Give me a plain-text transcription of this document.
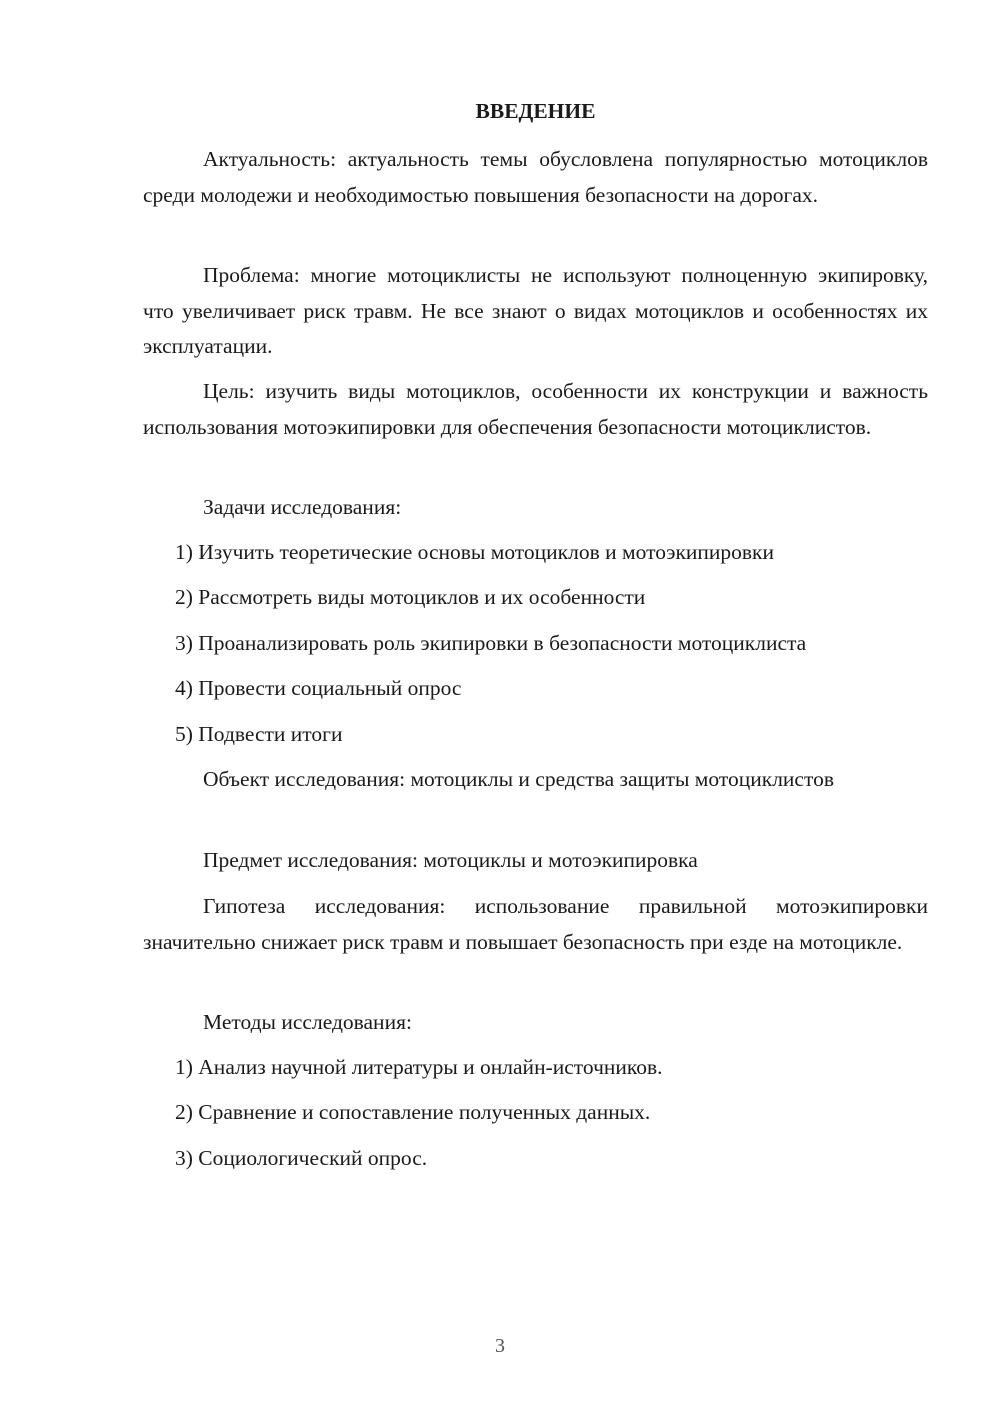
ВВЕДЕНИЕ

Актуальность: актуальность темы обусловлена популярностью мотоциклов среди молодежи и необходимостью повышения безопасности на дорогах.

Проблема: многие мотоциклисты не используют полноценную экипировку, что увеличивает риск травм. Не все знают о видах мотоциклов и особенностях их эксплуатации.

Цель: изучить виды мотоциклов, особенности их конструкции и важность использования мотоэкипировки для обеспечения безопасности мотоциклистов.

Задачи исследования:

1) Изучить теоретические основы мотоциклов и мотоэкипировки

2) Рассмотреть виды мотоциклов и их особенности

3) Проанализировать роль экипировки в безопасности мотоциклиста

4) Провести социальный опрос

5) Подвести итоги

Объект исследования: мотоциклы и средства защиты мотоциклистов

Предмет исследования: мотоциклы и мотоэкипировка

Гипотеза исследования: использование правильной мотоэкипировки значительно снижает риск травм и повышает безопасность при езде на мотоцикле.

Методы исследования:

1) Анализ научной литературы и онлайн-источников.

2) Сравнение и сопоставление полученных данных.

3) Социологический опрос.

3
